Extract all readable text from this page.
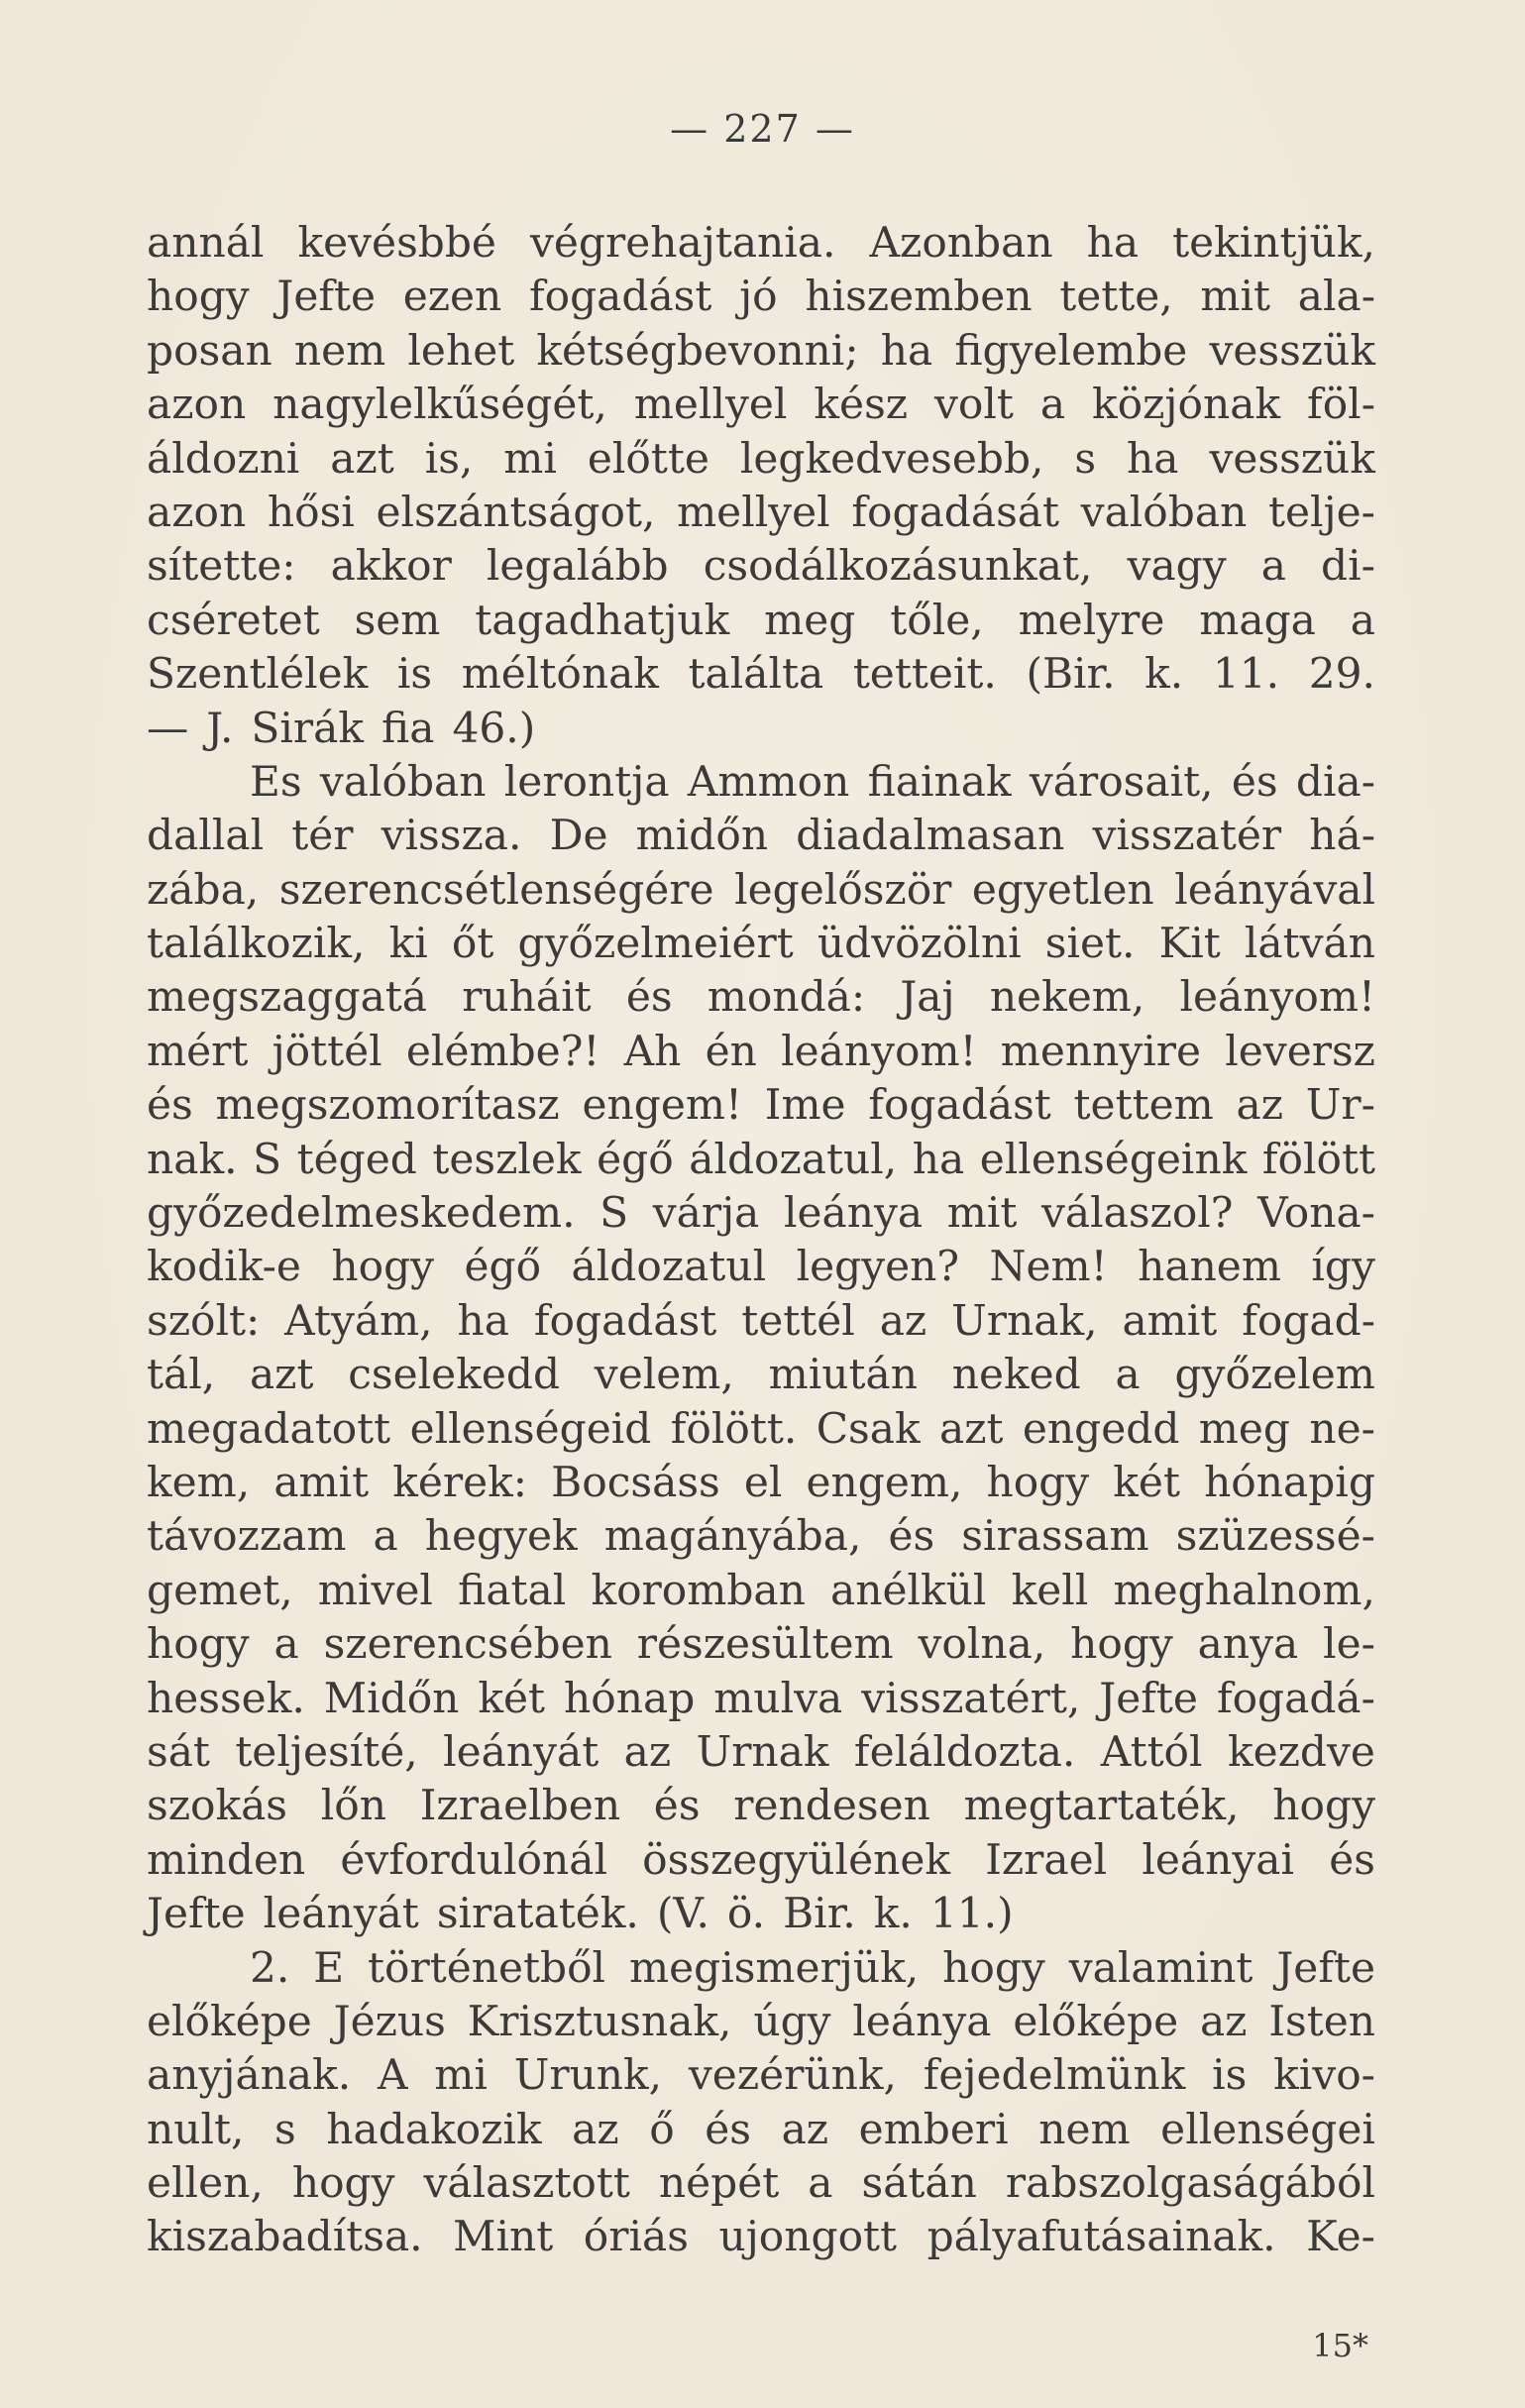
— 227 —
annál kevésbbé végrehajtania. Azonban ha tekintjük,
hogy Jefte ezen fogadást jó hiszemben tette, mit ala-
posan nem lehet kétségbevonni; ha figyelembe vesszük
azon nagylelkűségét, mellyel kész volt a közjónak föl-
áldozni azt is, mi előtte legkedvesebb, s ha vesszük
azon hősi elszántságot, mellyel fogadását valóban telje-
sítette: akkor legalább csodálkozásunkat, vagy a di-
cséretet sem tagadhatjuk meg tőle, melyre maga a
Szentlélek is méltónak találta tetteit. (Bir. k. 11. 29.
— J. Sirák fia 46.)
Es valóban lerontja Ammon fiainak városait, és dia-
dallal tér vissza. De midőn diadalmasan visszatér há-
zába, szerencsétlenségére legelőször egyetlen leányával
találkozik, ki őt győzelmeiért üdvözölni siet. Kit látván
megszaggatá ruháit és mondá: Jaj nekem, leányom!
mért jöttél elémbe?! Ah én leányom! mennyire leversz
és megszomorítasz engem! Ime fogadást tettem az Ur-
nak. S téged teszlek égő áldozatul, ha ellenségeink fölött
győzedelmeskedem. S várja leánya mit válaszol? Vona-
kodik-e hogy égő áldozatul legyen? Nem! hanem így
szólt: Atyám, ha fogadást tettél az Urnak, amit fogad-
tál, azt cselekedd velem, miután neked a győzelem
megadatott ellenségeid fölött. Csak azt engedd meg ne-
kem, amit kérek: Bocsáss el engem, hogy két hónapig
távozzam a hegyek magányába, és sirassam szüzessé-
gemet, mivel fiatal koromban anélkül kell meghalnom,
hogy a szerencsében részesültem volna, hogy anya le-
hessek. Midőn két hónap mulva visszatért, Jefte fogadá-
sát teljesíté, leányát az Urnak feláldozta. Attól kezdve
szokás lőn Izraelben és rendesen megtartaték, hogy
minden évfordulónál összegyülének Izrael leányai és
Jefte leányát sirataték. (V. ö. Bir. k. 11.)
2. E történetből megismerjük, hogy valamint Jefte
előképe Jézus Krisztusnak, úgy leánya előképe az Isten
anyjának. A mi Urunk, vezérünk, fejedelmünk is kivo-
nult, s hadakozik az ő és az emberi nem ellenségei
ellen, hogy választott népét a sátán rabszolgaságából
kiszabadítsa. Mint óriás ujongott pályafutásainak. Ke-
15*
